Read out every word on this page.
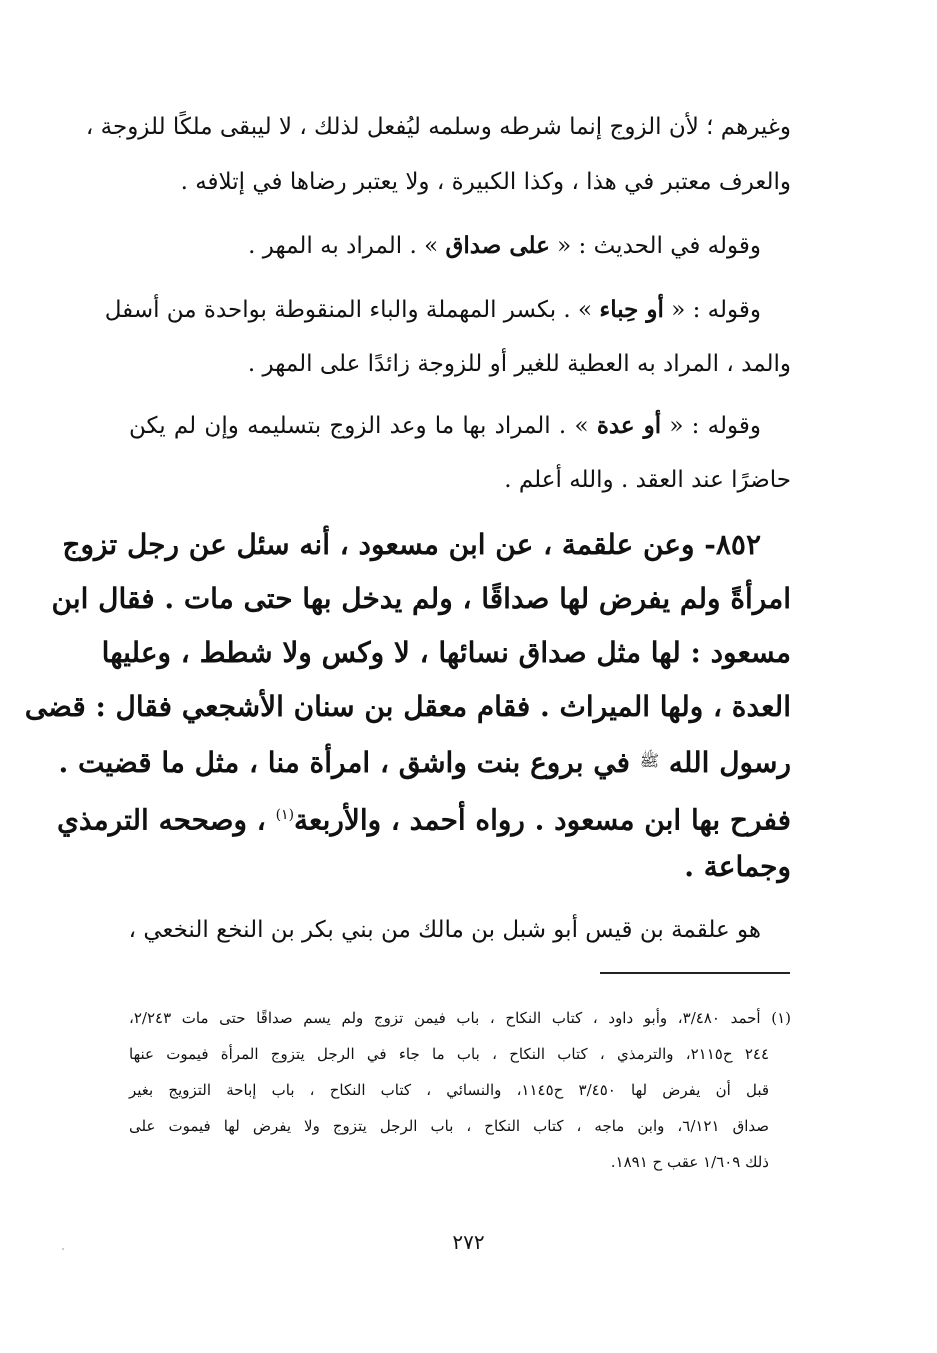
وغيرهم ؛ لأن الزوج إنما شرطه وسلمه ليُفعل لذلك ، لا ليبقى ملكًا للزوجة ،
والعرف معتبر في هذا ، وكذا الكبيرة ، ولا يعتبر رضاها في إتلافه .
وقوله في الحديث : « على صداق » . المراد به المهر .
وقوله : « أو حِباء » . بكسر المهملة والباء المنقوطة بواحدة من أسفل
والمد ، المراد به العطية للغير أو للزوجة زائدًا على المهر .
وقوله : « أو عدة » . المراد بها ما وعد الزوج بتسليمه وإن لم يكن
حاضرًا عند العقد . والله أعلم .
٨٥٢- وعن علقمة ، عن ابن مسعود ، أنه سئل عن رجل تزوج
امرأةً ولم يفرض لها صداقًا ، ولم يدخل بها حتى مات . فقال ابن
مسعود : لها مثل صداق نسائها ، لا وكس ولا شطط ، وعليها
العدة ، ولها الميراث . فقام معقل بن سنان الأشجعي فقال : قضى
رسول الله $^ﷺ$ في بروع بنت واشق ، امرأة منا ، مثل ما قضيت .
ففرح بها ابن مسعود . رواه أحمد ، والأربعة$^{(١)}$ ، وصححه الترمذي
وجماعة .
هو علقمة بن قيس أبو شبل بن مالك من بني بكر بن النخع النخعي ،
(١) أحمد ٣/٤٨٠، وأبو داود ، كتاب النكاح ، باب فيمن تزوج ولم يسم صداقًا حتى مات ٢/٢٤٣،
٢٤٤ ح٢١١٥، والترمذي ، كتاب النكاح ، باب ما جاء في الرجل يتزوج المرأة فيموت عنها
قبل أن يفرض لها ٣/٤٥٠ ح١١٤٥، والنسائي ، كتاب النكاح ، باب إباحة التزويج بغير
صداق ٦/١٢١، وابن ماجه ، كتاب النكاح ، باب الرجل يتزوج ولا يفرض لها فيموت على
ذلك ١/٦٠٩ عقب ح ١٨٩١.
٢٧٢
